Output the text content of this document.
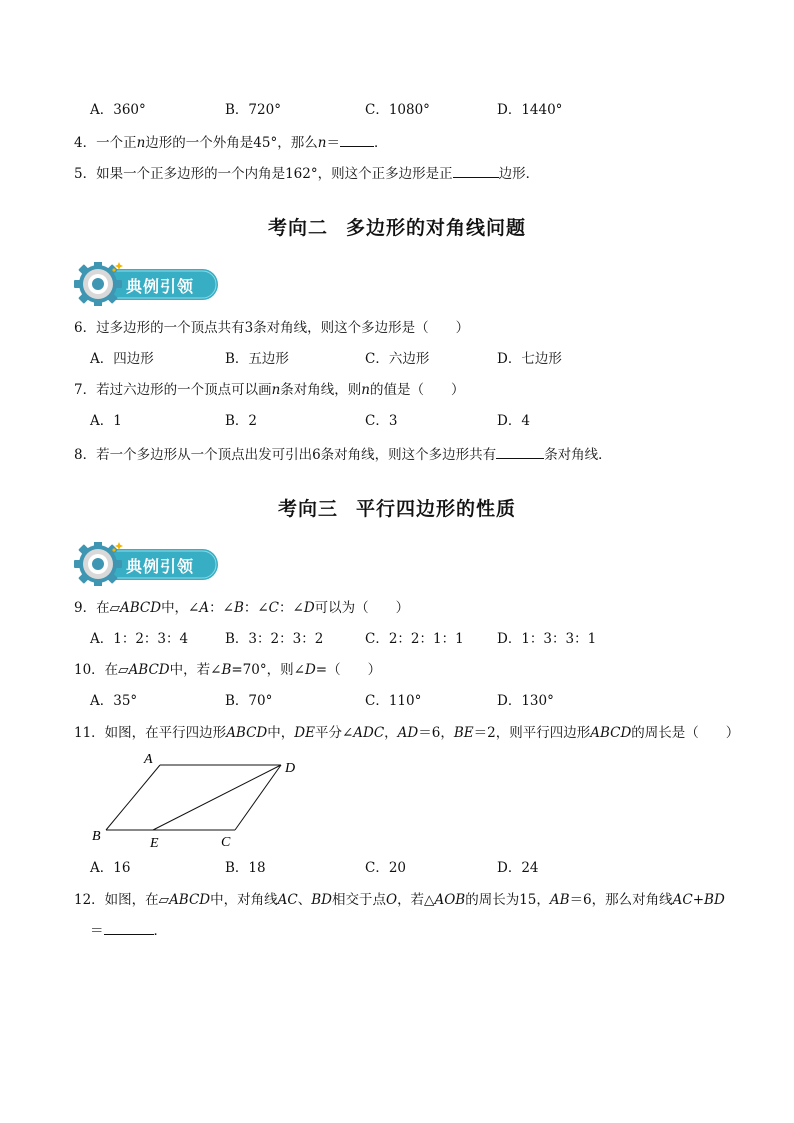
A．360°	B．720°	C．1080°	D．1440°
4．一个正n边形的一个外角是45°，那么n＝	．
5．如果一个正多边形的一个内角是162°，则这个正多边形是正	边形．
考向二 多边形的对角线问题
典例引领
6．过多边形的一个顶点共有3条对角线，则这个多边形是（　　）
A．四边形	B．五边形	C．六边形	D．七边形
7．若过六边形的一个顶点可以画n条对角线，则n的值是（　　）
A．1	B．2	C．3	D．4
8．若一个多边形从一个顶点出发可引出6条对角线，则这个多边形共有	条对角线．
考向三 平行四边形的性质
典例引领
9．在▱ABCD中，∠A：∠B：∠C：∠D可以为（　　）
A．1：2：3：4	B．3：2：3：2	C．2：2：1：1 D．1：3：3：1
10．在▱ABCD中，若∠B=70°，则∠D=（　　）
A．35°	B．70°	C．110°	D．130°
11．如图，在平行四边形ABCD中，DE平分∠ADC，AD＝6，BE＝2，则平行四边形ABCD的周长是（　　）
A
D
B	E	C
A．16	B．18	C．20	D．24
12．如图，在▱ABCD中，对角线AC、BD相交于点O，若△AOB的周长为15，AB＝6，那么对角线AC+BD
＝	．
